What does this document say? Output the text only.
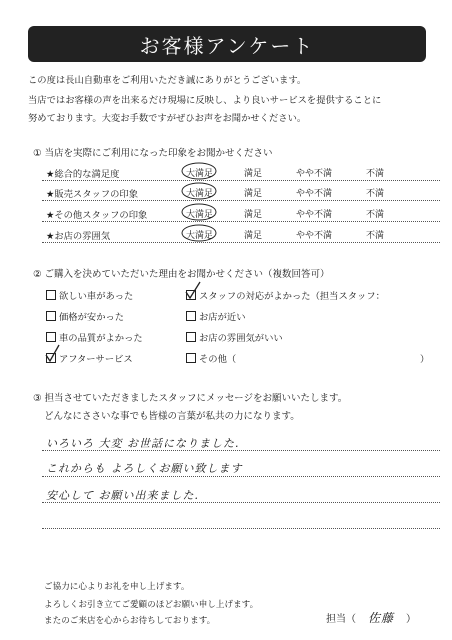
お客様アンケート
この度は長山自動車をご利用いただき誠にありがとうございます。
当店ではお客様の声を出来るだけ現場に反映し、より良いサービスを提供することに
努めております。大変お手数ですがぜひお声をお聞かせください。
① 当店を実際にご利用になった印象をお聞かせください
★総合的な満足度	大満足	満足	やや不満	不満
★販売スタッフの印象	大満足	満足	やや不満	不満
★その他スタッフの印象	大満足	満足	やや不満	不満
★お店の雰囲気	大満足	満足	やや不満	不満
② ご購入を決めていただいた理由をお聞かせください（複数回答可）
欲しい車があった	スタッフの対応がよかった（担当スタッフ：
価格が安かった	お店が近い
車の品質がよかった	お店の雰囲気がいい
アフターサービス	その他（	）
③ 担当させていただきましたスタッフにメッセージをお願いいたします。
どんなにささいな事でも皆様の言葉が私共の力になります。
いろいろ 大変 お世話になりました.
これからも よろしくお願い致します
安心して お願い出来ました.
ご協力に心よりお礼を申し上げます。
よろしくお引き立てご愛顧のほどお願い申し上げます。
またのご来店を心からお待ちしております。	担当（ 佐藤 ）
